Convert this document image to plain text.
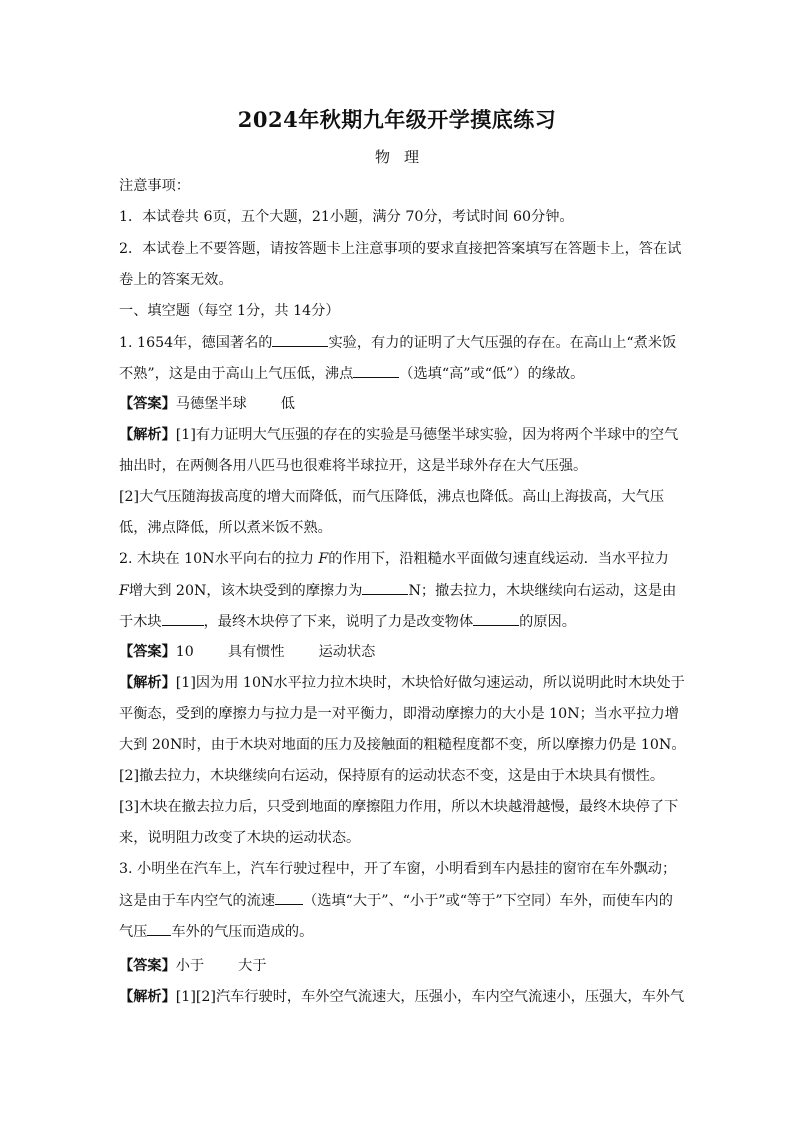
2024年秋期九年级开学摸底练习
物理
注意事项：
1．本试卷共 6页，五个大题，21小题，满分 70分，考试时间 60分钟。
2．本试卷上不要答题，请按答题卡上注意事项的要求直接把答案填写在答题卡上，答在试
卷上的答案无效。
一、填空题（每空 1分，共 14分）
1. 1654年，德国著名的	实验，有力的证明了大气压强的存在。在高山上“煮米饭
不熟”，这是由于高山上气压低，沸点	（选填“高”或“低”）的缘故。
【答案】马德堡半球 低
【解析】[1]有力证明大气压强的存在的实验是马德堡半球实验，因为将两个半球中的空气
抽出时，在两侧各用八匹马也很难将半球拉开，这是半球外存在大气压强。
[2]大气压随海拔高度的增大而降低，而气压降低，沸点也降低。高山上海拔高，大气压
低，沸点降低，所以煮米饭不熟。
2. 木块在 10N水平向右的拉力 F的作用下，沿粗糙水平面做匀速直线运动．当水平拉力
F增大到 20N，该木块受到的摩擦力为	N；撤去拉力，木块继续向右运动，这是由
于木块	，最终木块停了下来，说明了力是改变物体	的原因。
【答案】10 具有惯性 运动状态
【解析】[1]因为用 10N水平拉力拉木块时，木块恰好做匀速运动，所以说明此时木块处于
平衡态，受到的摩擦力与拉力是一对平衡力，即滑动摩擦力的大小是 10N；当水平拉力增
大到 20N时，由于木块对地面的压力及接触面的粗糙程度都不变，所以摩擦力仍是 10N。
[2]撤去拉力，木块继续向右运动，保持原有的运动状态不变，这是由于木块具有惯性。
[3]木块在撤去拉力后，只受到地面的摩擦阻力作用，所以木块越滑越慢，最终木块停了下
来，说明阻力改变了木块的运动状态。
3. 小明坐在汽车上，汽车行驶过程中，开了车窗，小明看到车内悬挂的窗帘在车外飘动；
这是由于车内空气的流速 （选填“大于”、“小于”或“等于”下空同）车外，而使车内的
气压 车外的气压而造成的。
【答案】小于 大于
【解析】[1][2]汽车行驶时，车外空气流速大，压强小，车内空气流速小，压强大，车外气
